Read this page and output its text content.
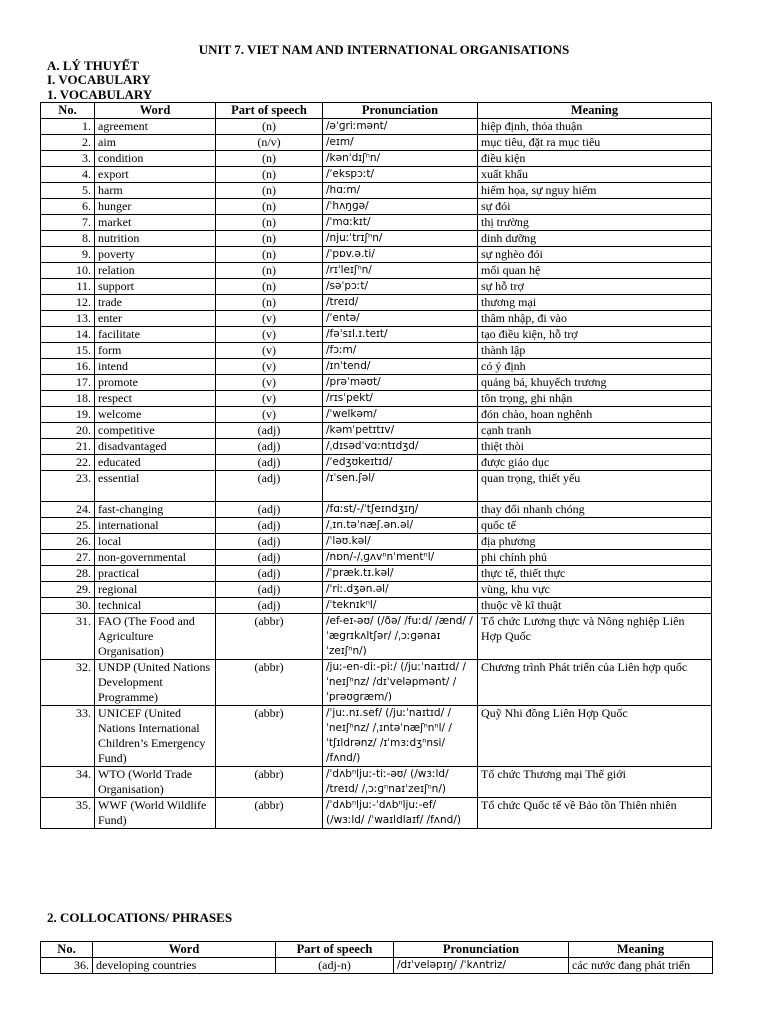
UNIT 7. VIET NAM AND INTERNATIONAL ORGANISATIONS
A. LÝ THUYẾT
I. VOCABULARY
1. VOCABULARY
No.	Word	Part of speech	Pronunciation	Meaning
1.	agreement	(n)	/əˈɡriːmənt/	hiệp định, thỏa thuận
2.	aim	(n/v)	/eɪm/	mục tiêu, đặt ra mục tiêu
3.	condition	(n)	/kənˈdɪʃⁿn/	điều kiện
4.	export	(n)	/ˈekspɔːt/	xuất khẩu
5.	harm	(n)	/hɑːm/	hiểm họa, sự nguy hiểm
6.	hunger	(n)	/ˈhʌŋɡə/	sự đói
7.	market	(n)	/ˈmɑːkɪt/	thị trường
8.	nutrition	(n)	/njuːˈtrɪʃⁿn/	dinh dưỡng
9.	poverty	(n)	/ˈpɒv.ə.ti/	sự nghèo đói
10.	relation	(n)	/rɪˈleɪʃⁿn/	mối quan hệ
11.	support	(n)	/səˈpɔːt/	sự hỗ trợ
12.	trade	(n)	/treɪd/	thương mại
13.	enter	(v)	/ˈentə/	thâm nhập, đi vào
14.	facilitate	(v)	/fəˈsɪl.ɪ.teɪt/	tạo điều kiện, hỗ trợ
15.	form	(v)	/fɔːm/	thành lập
16.	intend	(v)	/ɪnˈtend/	có ý định
17.	promote	(v)	/prəˈməʊt/	quảng bá, khuyếch trương
18.	respect	(v)	/rɪsˈpekt/	tôn trọng, ghi nhận
19.	welcome	(v)	/ˈwelkəm/	đón chào, hoan nghênh
20.	competitive	(adj)	/kəmˈpetɪtɪv/	cạnh tranh
21.	disadvantaged	(adj)	/ˌdɪsədˈvɑːntɪdʒd/	thiệt thòi
22.	educated	(adj)	/ˈedʒʊkeɪtɪd/	được giáo dục
23.	essential	(adj)	/ɪˈsen.ʃəl/	quan trọng, thiết yếu
24.	fast-changing	(adj)	/fɑːst/-/ˈtʃeɪndʒɪŋ/	thay đổi nhanh chóng
25.	international	(adj)	/ˌɪn.təˈnæʃ.ən.əl/	quốc tế
26.	local	(adj)	/ˈləʊ.kəl/	địa phương
27.	non-governmental	(adj)	/nɒn/-/ˌɡʌvⁿnˈmentⁿl/	phi chính phủ
28.	practical	(adj)	/ˈpræk.tɪ.kəl/	thực tế, thiết thực
29.	regional	(adj)	/ˈriː.dʒən.əl/	vùng, khu vực
30.	technical	(adj)	/ˈteknɪkⁿl/	thuộc về kĩ thuật
31.	FAO (The Food and Agriculture Organisation)	(abbr)	/ef-eɪ-əʊ/ (/ðə/ /fuːd/ /ænd/ /ˈæɡrɪkʌltʃər/ /ˌɔːɡənaɪˈzeɪʃⁿn/)	Tổ chức Lương thực và Nông nghiệp Liên Hợp Quốc
32.	UNDP (United Nations Development Programme)	(abbr)	/juː-en-diː-piː/ (/juːˈnaɪtɪd/ /ˈneɪʃⁿnz/ /dɪˈveləpmənt/ /ˈprəʊɡræm/)	Chương trình Phát triển của Liên hợp quốc
33.	UNICEF (United Nations International Children’s Emergency Fund)	(abbr)	/ˈjuː.nɪ.sef/ (/juːˈnaɪtɪd/ /ˈneɪʃⁿnz/ /ˌɪntəˈnæʃⁿnⁿl/ /ˈtʃɪldrənz/ /ɪˈmɜːdʒⁿnsi/ /fʌnd/)	Quỹ Nhi đồng Liên Hợp Quốc
34.	WTO (World Trade Organisation)	(abbr)	/ˈdʌbⁿljuː-tiː-əʊ/ (/wɜːld/ /treɪd/ /ˌɔːɡⁿnaɪˈzeɪʃⁿn/)	Tổ chức Thương mại Thế giới
35.	WWF (World Wildlife Fund)	(abbr)	/ˈdʌbⁿljuː-ˈdʌbⁿljuː-ef/ (/wɜːld/ /ˈwaɪldlaɪf/ /fʌnd/)	Tổ chức Quốc tế về Bảo tồn Thiên nhiên
2. COLLOCATIONS/ PHRASES
No.	Word	Part of speech	Pronunciation	Meaning
36.	developing countries	(adj-n)	/dɪˈveləpɪŋ/ /ˈkʌntriz/	các nước đang phát triển
